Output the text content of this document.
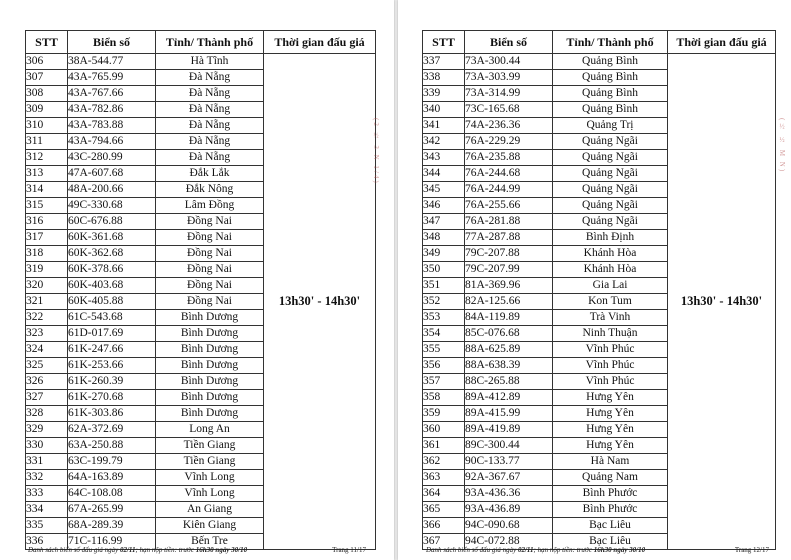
STT	Biển số	Tỉnh/ Thành phố	Thời gian đấu giá
306	38A-544.77	Hà Tĩnh	13h30' - 14h30'
307	43A-765.99	Đà Nẵng	
308	43A-767.66	Đà Nẵng	
309	43A-782.86	Đà Nẵng	
310	43A-783.88	Đà Nẵng	
311	43A-794.66	Đà Nẵng	
312	43C-280.99	Đà Nẵng	
313	47A-607.68	Đắk Lắk	
314	48A-200.66	Đắk Nông	
315	49C-330.68	Lâm Đồng	
316	60C-676.88	Đồng Nai	
317	60K-361.68	Đồng Nai	
318	60K-362.68	Đồng Nai	
319	60K-378.66	Đồng Nai	
320	60K-403.68	Đồng Nai	
321	60K-405.88	Đồng Nai	
322	61C-543.68	Bình Dương	
323	61D-017.69	Bình Dương	
324	61K-247.66	Bình Dương	
325	61K-253.66	Bình Dương	
326	61K-260.39	Bình Dương	
327	61K-270.68	Bình Dương	
328	61K-303.86	Bình Dương	
329	62A-372.69	Long An	
330	63A-250.88	Tiền Giang	
331	63C-199.79	Tiền Giang	
332	64A-163.89	Vĩnh Long	
333	64C-108.08	Vĩnh Long	
334	67A-265.99	An Giang	
335	68A-289.39	Kiên Giang	
336	71C-116.99	Bến Tre	
(2 ½ 3 N 1/4)
Danh sách biển số đấu giá ngày 02/11; hạn nộp tiền: trước 16h30 ngày 30/10	Trang 11/17
STT	Biển số	Tỉnh/ Thành phố	Thời gian đấu giá
337	73A-300.44	Quảng Bình	13h30' - 14h30'
338	73A-303.99	Quảng Bình	
339	73A-314.99	Quảng Bình	
340	73C-165.68	Quảng Bình	
341	74A-236.36	Quảng Trị	
342	76A-229.29	Quảng Ngãi	
343	76A-235.88	Quảng Ngãi	
344	76A-244.68	Quảng Ngãi	
345	76A-244.99	Quảng Ngãi	
346	76A-255.66	Quảng Ngãi	
347	76A-281.88	Quảng Ngãi	
348	77A-287.88	Bình Định	
349	79C-207.88	Khánh Hòa	
350	79C-207.99	Khánh Hòa	
351	81A-369.96	Gia Lai	
352	82A-125.66	Kon Tum	
353	84A-119.89	Trà Vinh	
354	85C-076.68	Ninh Thuận	
355	88A-625.89	Vĩnh Phúc	
356	88A-638.39	Vĩnh Phúc	
357	88C-265.88	Vĩnh Phúc	
358	89A-412.89	Hưng Yên	
359	89A-415.99	Hưng Yên	
360	89A-419.89	Hưng Yên	
361	89C-300.44	Hưng Yên	
362	90C-133.77	Hà Nam	
363	92A-367.67	Quảng Nam	
364	93A-436.36	Bình Phước	
365	93A-436.89	Bình Phước	
366	94C-090.68	Bạc Liêu	
367	94C-072.88	Bạc Liêu	
(½ ½ M N)
Danh sách biển số đấu giá ngày 02/11; hạn nộp tiền: trước 16h30 ngày 30/10	Trang 12/17
